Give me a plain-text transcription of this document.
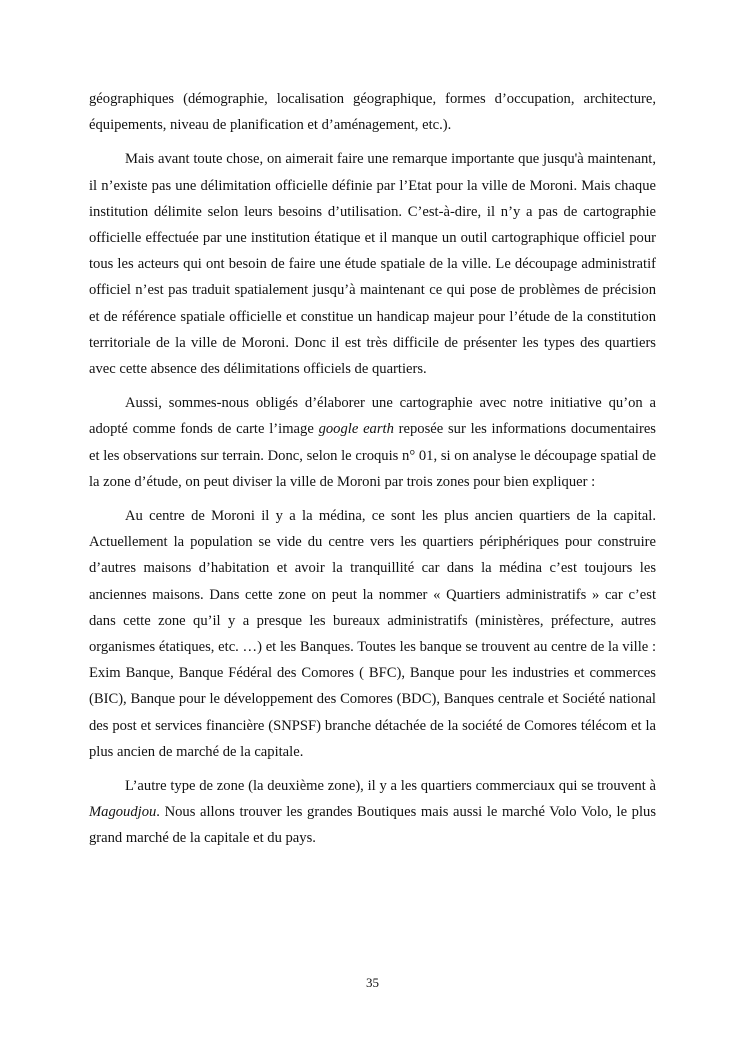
géographiques (démographie, localisation géographique, formes d’occupation, architecture, équipements, niveau de planification et d’aménagement, etc.).

Mais avant toute chose, on aimerait faire une remarque importante que jusqu'à maintenant, il n’existe pas une délimitation officielle définie par l’Etat pour la ville de Moroni. Mais chaque institution délimite selon leurs besoins d’utilisation. C’est-à-dire, il n’y a pas de cartographie officielle effectuée par une institution étatique et il manque un outil cartographique officiel pour tous les acteurs qui ont besoin de faire une étude spatiale de la ville. Le découpage administratif officiel n’est pas traduit spatialement jusqu’à maintenant ce qui pose de problèmes de précision et de référence spatiale officielle et constitue un handicap majeur pour l’étude de la constitution territoriale de la ville de Moroni. Donc il est très difficile de présenter les types des quartiers avec cette absence des délimitations officiels de quartiers.

Aussi, sommes-nous obligés d’élaborer une cartographie avec notre initiative qu’on a adopté comme fonds de carte l’image google earth reposée sur les informations documentaires et les observations sur terrain. Donc, selon le croquis n° 01, si on analyse le découpage spatial de la zone d’étude, on peut diviser la ville de Moroni par trois zones pour bien expliquer :

Au centre de Moroni il y a la médina, ce sont les plus ancien quartiers de la capital. Actuellement la population se vide du centre vers les quartiers périphériques pour construire d’autres maisons d’habitation et avoir la tranquillité car dans la médina c’est toujours les anciennes maisons. Dans cette zone on peut la nommer « Quartiers administratifs » car c’est dans cette zone qu’il y a presque les bureaux administratifs (ministères, préfecture, autres organismes étatiques, etc. …) et les Banques. Toutes les banque se trouvent au centre de la ville : Exim Banque, Banque Fédéral des Comores ( BFC), Banque pour les industries et commerces (BIC), Banque pour le développement des Comores (BDC), Banques centrale et Société national des post et services financière (SNPSF) branche détachée de la société de Comores télécom et la plus ancien de marché de la capitale.

L’autre type de zone (la deuxième zone), il y a les quartiers commerciaux qui se trouvent à Magoudjou. Nous allons trouver les grandes Boutiques mais aussi le marché Volo Volo, le plus grand marché de la capitale et du pays.

35
